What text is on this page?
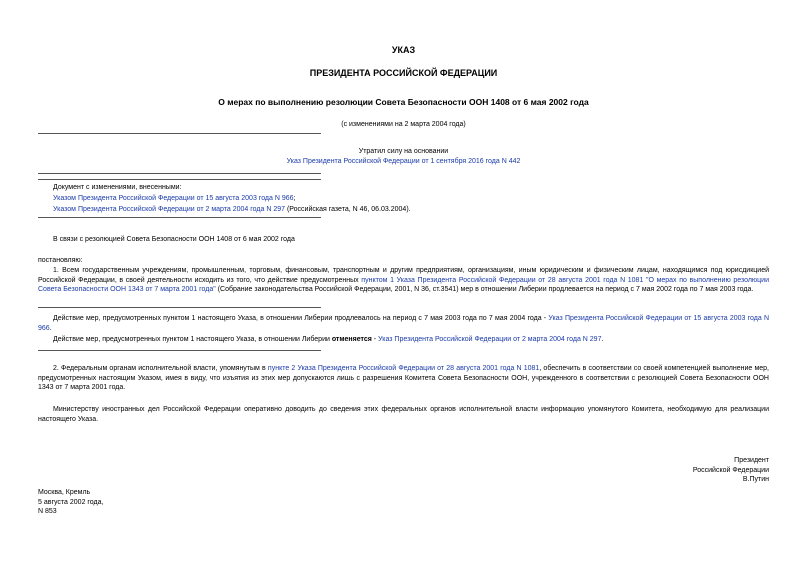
УКАЗ
ПРЕЗИДЕНТА РОССИЙСКОЙ ФЕДЕРАЦИИ
О мерах по выполнению резолюции Совета Безопасности ООН 1408 от 6 мая 2002 года
(с изменениями на 2 марта 2004 года)
Утратил силу на основании
Указ Президента Российской Федерации от 1 сентября 2016 года N 442
Документ с изменениями, внесенными:
Указом Президента Российской Федерации от 15 августа 2003 года N 966;
Указом Президента Российской Федерации от 2 марта 2004 года N 297 (Российская газета, N 46, 06.03.2004).
В связи с резолюцией Совета Безопасности ООН 1408 от 6 мая 2002 года
постановляю:

1. Всем государственным учреждениям, промышленным, торговым, финансовым, транспортным и другим предприятиям, организациям, иным юридическим и физическим лицам, находящимся под юрисдикцией Российской Федерации, в своей деятельности исходить из того, что действие предусмотренных пунктом 1 Указа Президента Российской Федерации от 28 августа 2001 года N 1081 "О мерах по выполнению резолюции Совета Безопасности ООН 1343 от 7 марта 2001 года" (Собрание законодательства Российской Федерации, 2001, N 36, ст.3541) мер в отношении Либерии продлевается на период с 7 мая 2002 года по 7 мая 2003 года.

Действие мер, предусмотренных пунктом 1 настоящего Указа, в отношении Либерии продлевалось на период с 7 мая 2003 года по 7 мая 2004 года - Указ Президента Российской Федерации от 15 августа 2003 года N 966.

Действие мер, предусмотренных пунктом 1 настоящего Указа, в отношении Либерии отменяется - Указ Президента Российской Федерации от 2 марта 2004 года N 297.

2. Федеральным органам исполнительной власти, упомянутым в пункте 2 Указа Президента Российской Федерации от 28 августа 2001 года N 1081, обеспечить в соответствии со своей компетенцией выполнение мер, предусмотренных настоящим Указом, имея в виду, что изъятия из этих мер допускаются лишь с разрешения Комитета Совета Безопасности ООН, учрежденного в соответствии с резолюцией Совета Безопасности ООН 1343 от 7 марта 2001 года.

Министерству иностранных дел Российской Федерации оперативно доводить до сведения этих федеральных органов исполнительной власти информацию упомянутого Комитета, необходимую для реализации настоящего Указа.

Президент
Российской Федерации
В.Путин
Москва, Кремль
5 августа 2002 года,
N 853
